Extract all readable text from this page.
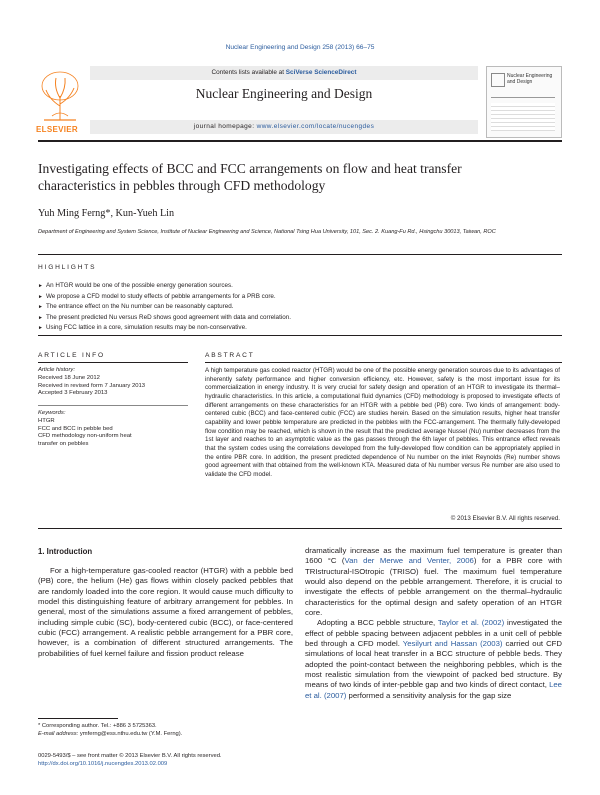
Nuclear Engineering and Design 258 (2013) 66–75
ELSEVIER
Contents lists available at SciVerse ScienceDirect
Nuclear Engineering and Design
journal homepage: www.elsevier.com/locate/nucengdes
Nuclear Engineering and Design
Investigating effects of BCC and FCC arrangements on flow and heat transfer
characteristics in pebbles through CFD methodology
Yuh Ming Ferng*, Kun-Yueh Lin
Department of Engineering and System Science, Institute of Nuclear Engineering and Science, National Tsing Hua University, 101, Sec. 2. Kuang-Fu Rd., Hsingchu 30013, Taiwan, ROC
HIGHLIGHTS
► An HTGR would be one of the possible energy generation sources.
► We propose a CFD model to study effects of pebble arrangements for a PRB core.
► The entrance effect on the Nu number can be reasonably captured.
► The present predicted Nu versus ReD shows good agreement with data and correlation.
► Using FCC lattice in a core, simulation results may be non-conservative.
ARTICLE INFO
Article history:
Received 18 June 2012
Received in revised form 7 January 2013
Accepted 3 February 2013
Keywords:
HTGR
FCC and BCC in pebble bed
CFD methodology non-uniform heat
transfer on pebbles
ABSTRACT
A high temperature gas cooled reactor (HTGR) would be one of the possible energy generation sources due to its advantages of inherently safety performance and higher conversion efficiency, etc. However, safety is the most important issue for its commercialization in energy industry. It is very crucial for safety design and operation of an HTGR to investigate its thermal–hydraulic characteristics. In this article, a computational fluid dynamics (CFD) methodology is proposed to investigate effects of different arrangements on these characteristics for an HTGR with a pebble bed (PB) core. Two kinds of arrangement: body-centered cubic (BCC) and face-centered cubic (FCC) are studies herein. Based on the simulation results, higher heat transfer capability and lower pebble temperature are predicted in the pebbles with the FCC-arrangement. The thermally fully-developed flow condition may be reached, which is shown in the result that the predicted average Nussel (Nu) number decreases from the 1st layer and reaches to an asymptotic value as the gas passes through the 6th layer of pebbles. This entrance effect reveals that the system codes using the correlations developed from the fully-developed flow condition can be appropriately applied in the entire PBR core. In addition, the present predicted dependence of Nu number on the inlet Reynolds (Re) number shows good agreement with that obtained from the well-known KTA. Measured data of Nu number versus Re number are also used to validate the CFD model.
© 2013 Elsevier B.V. All rights reserved.
1. Introduction

For a high-temperature gas-cooled reactor (HTGR) with a pebble bed (PB) core, the helium (He) gas flows within closely packed pebbles that are randomly loaded into the core region. It would cause much difficulty to model this distinguishing feature of arbitrary arrangement for pebbles. In general, most of the simulations assume a fixed arrangement of pebbles, including simple cubic (SC), body-centered cubic (BCC), or face-centered cubic (FCC) arrangement. A realistic pebble arrangement for a PBR core, however, is a combination of different structured arrangements. The probabilities of fuel kernel failure and fission product release

dramatically increase as the maximum fuel temperature is greater than 1600 °C (Van der Merwe and Venter, 2006) for a PBR core with TRIstructural-ISOtropic (TRISO) fuel. The maximum fuel temperature would also depend on the pebble arrangement. Therefore, it is crucial to investigate the effects of pebble arrangement on the thermal–hydraulic characteristics for the optimal design and safety operation of an HTGR core.

Adopting a BCC pebble structure, Taylor et al. (2002) investigated the effect of pebble spacing between adjacent pebbles in a unit cell of pebble bed through a CFD model. Yesilyurt and Hassan (2003) carried out CFD simulations of local heat transfer in a BCC structure of pebble beds. They adopted the point-contact between the neighboring pebbles, which is the most realistic simulation from the viewpoint of packed bed structure. By means of two kinds of inter-pebble gap and two kinds of direct contact, Lee et al. (2007) performed a sensitivity analysis for the gap size

* Corresponding author. Tel.: +886 3 5725363.
E-mail address: ymferng@ess.nthu.edu.tw (Y.M. Ferng).
0029-5493/$ – see front matter © 2013 Elsevier B.V. All rights reserved.
http://dx.doi.org/10.1016/j.nucengdes.2013.02.009
